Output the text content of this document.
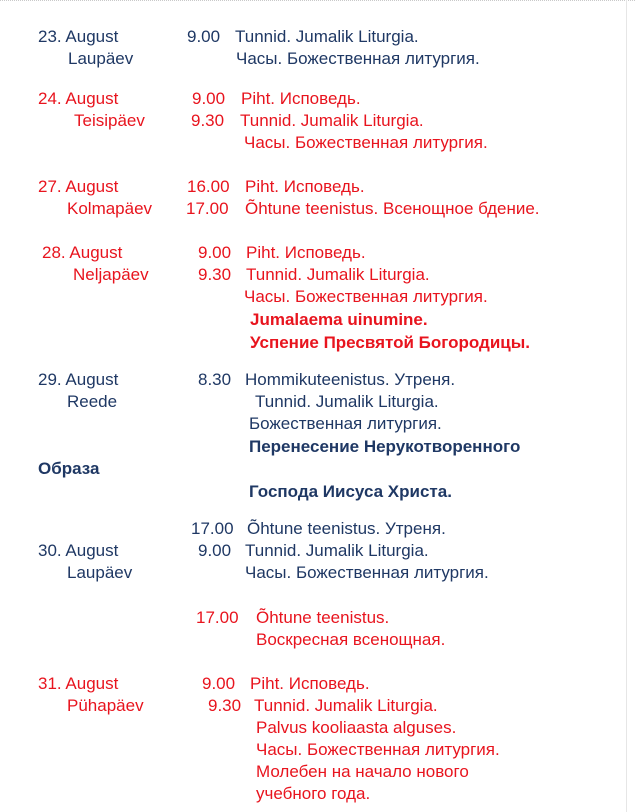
23. August
Laupäev
9.00 Tunnid. Jumalik Liturgia.
Часы. Божественная литургия.
24. August
Teisipäev
9.00 Piht. Исповедь.
9.30 Tunnid. Jumalik Liturgia.
Часы. Божественная литургия.
27. August
Kolmapäev
16.00 Piht. Исповедь.
17.00 Õhtune teenistus. Всенощное бдение.
28. August
Neljapäev
9.00 Piht. Исповедь.
9.30 Tunnid. Jumalik Liturgia.
Часы. Божественная литургия.
Jumalaema uinumine.
Успение Пресвятой Богородицы.
29. August
Reede
8.30 Hommikuteenistus. Утреня.
Tunnid. Jumalik Liturgia.
Божественная литургия.
Перенесение Нерукотворенного
Образа
Господа Иисуса Христа.
17.00 Õhtune teenistus. Утреня.
30. August
Laupäev
9.00 Tunnid. Jumalik Liturgia.
Часы. Божественная литургия.
17.00 Õhtune teenistus.
Воскресная всенощная.
31. August
Pühapäev
9.00 Piht. Исповедь.
9.30 Tunnid. Jumalik Liturgia.
Palvus kooliaasta alguses.
Часы. Божественная литургия.
Молебен на начало нового
учебного года.
